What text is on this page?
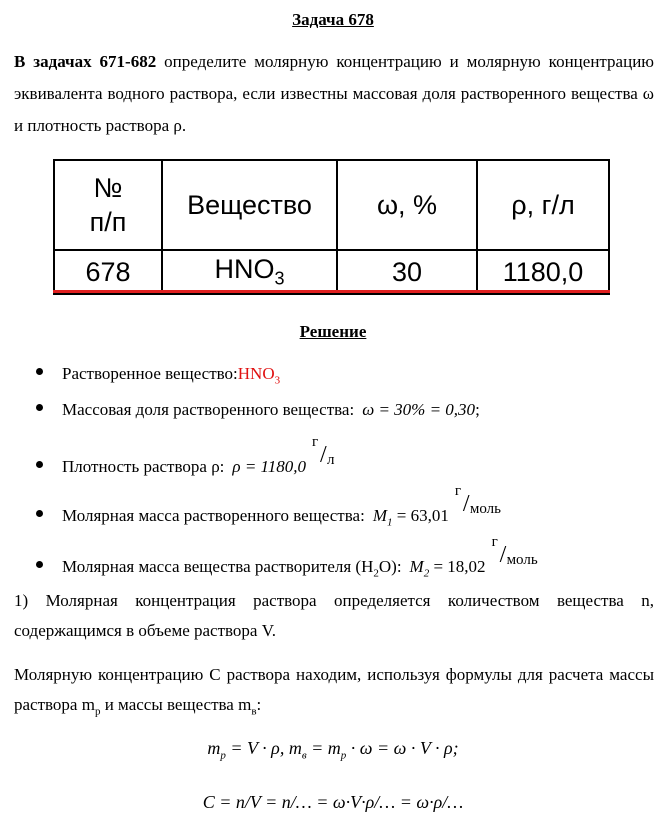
Задача 678
В задачах 671-682 определите молярную концентрацию и молярную концентрацию эквивалента водного раствора, если известны массовая доля растворенного вещества ω и плотность раствора ρ.
№
п/п	Вещество	ω, %	ρ, г/л
678	$HNO_3$	30	1180,0
Решение
Растворенное вещество: $HNO_3$
Массовая доля растворенного вещества: ω = 30% = 0,30 ;
Плотность раствора ρ: ρ = 1180,0
г / л
Молярная масса растворенного вещества: $M_1 = 63,01$
г / моль
Молярная масса вещества растворителя $(H_2O)$: $M_2 = 18,02$
г / моль
1) Молярная концентрация раствора определяется количеством вещества n, содержащимся в объеме раствора V.
Молярную концентрацию С раствора находим, используя формулы для расчета массы раствора $m_р$ и массы вещества $m_в$:
$m_р = V \cdot \rho$, $m_в = m_р \cdot \omega = \omega \cdot V \cdot \rho$;
C = n/V = n/… = ω·V·ρ/… = ω·ρ/…
